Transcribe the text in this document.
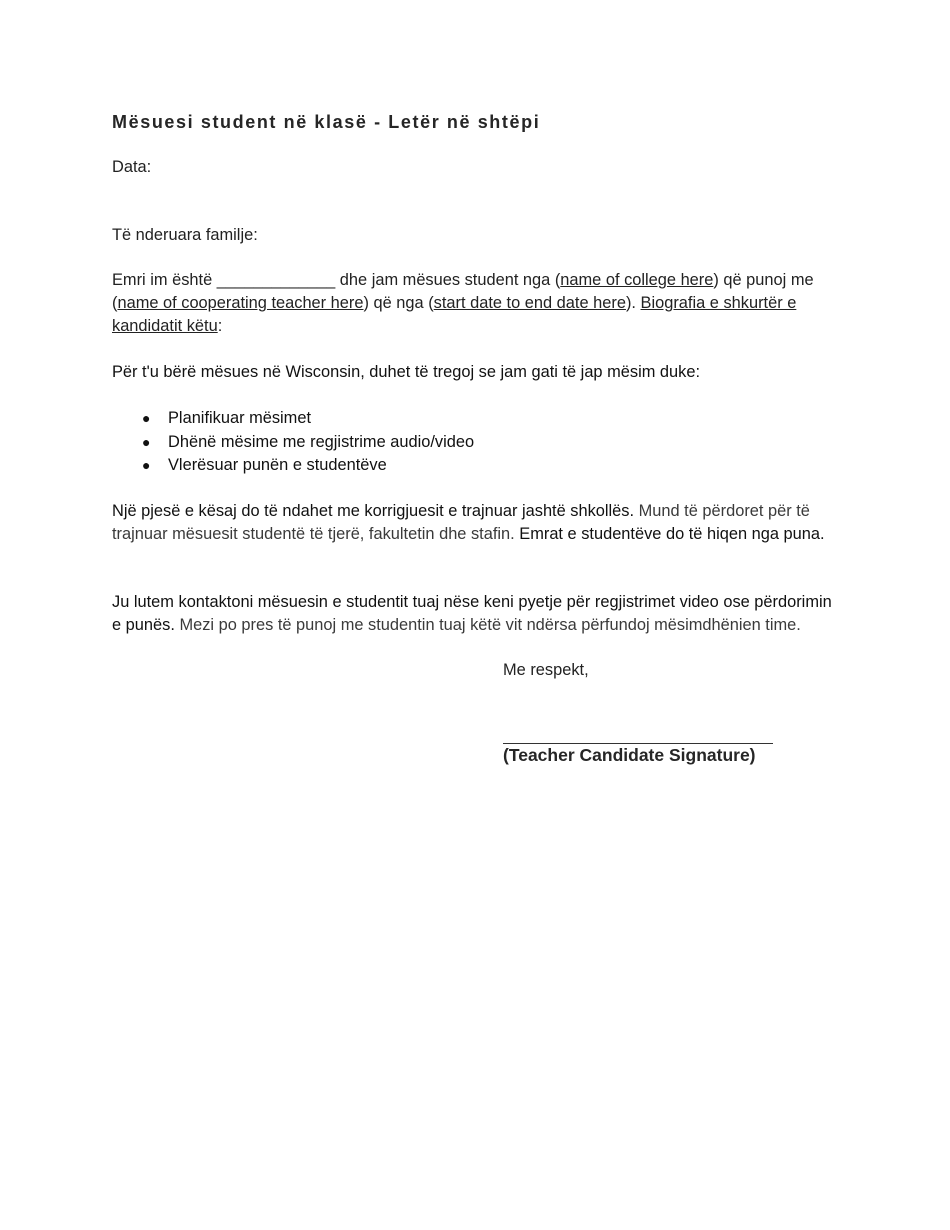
Mësuesi student në klasë - Letër në shtëpi
Data:
Të nderuara familje:
Emri im është _____________ dhe jam mësues student nga (name of college here) që punoj me (name of cooperating teacher here) që nga (start date to end date here). Biografia e shkurtër e kandidatit këtu:
Për t'u bërë mësues në Wisconsin, duhet të tregoj se jam gati të jap mësim duke:
● Planifikuar mësimet
● Dhënë mësime me regjistrime audio/video
● Vlerësuar punën e studentëve
Një pjesë e kësaj do të ndahet me korrigjuesit e trajnuar jashtë shkollës. Mund të përdoret për të trajnuar mësuesit studentë të tjerë, fakultetin dhe stafin. Emrat e studentëve do të hiqen nga puna.
Ju lutem kontaktoni mësuesin e studentit tuaj nëse keni pyetje për regjistrimet video ose përdorimin e punës. Mezi po pres të punoj me studentin tuaj këtë vit ndërsa përfundoj mësimdhënien time.
Me respekt,
(Teacher Candidate Signature)
